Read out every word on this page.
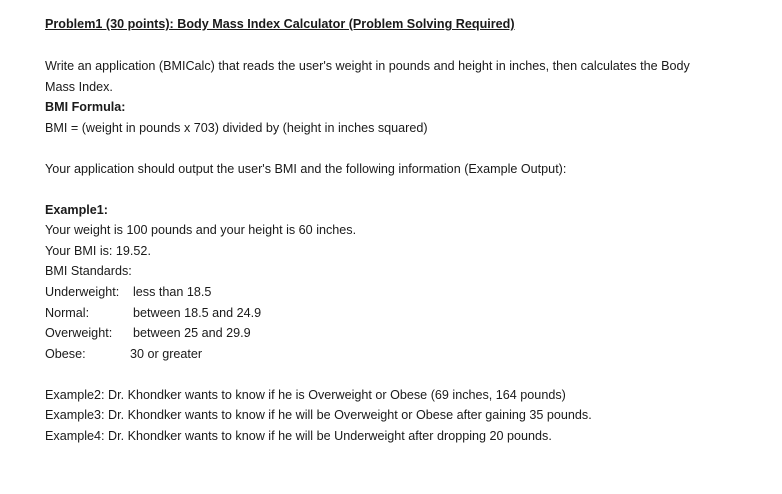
Problem1 (30 points): Body Mass Index Calculator (Problem Solving Required)
Write an application (BMICalc) that reads the user's weight in pounds and height in inches, then calculates the Body
Mass Index.
BMI Formula:
BMI = (weight in pounds x 703) divided by (height in inches squared)
Your application should output the user's BMI and the following information (Example Output):
Example1:
Your weight is 100 pounds and your height is 60 inches.
Your BMI is: 19.52.
BMI Standards:
Underweight: less than 18.5
Normal:	between 18.5 and 24.9
Overweight: between 25 and 29.9
Obese:	30 or greater
Example2: Dr. Khondker wants to know if he is Overweight or Obese (69 inches, 164 pounds)
Example3: Dr. Khondker wants to know if he will be Overweight or Obese after gaining 35 pounds.
Example4: Dr. Khondker wants to know if he will be Underweight after dropping 20 pounds.
